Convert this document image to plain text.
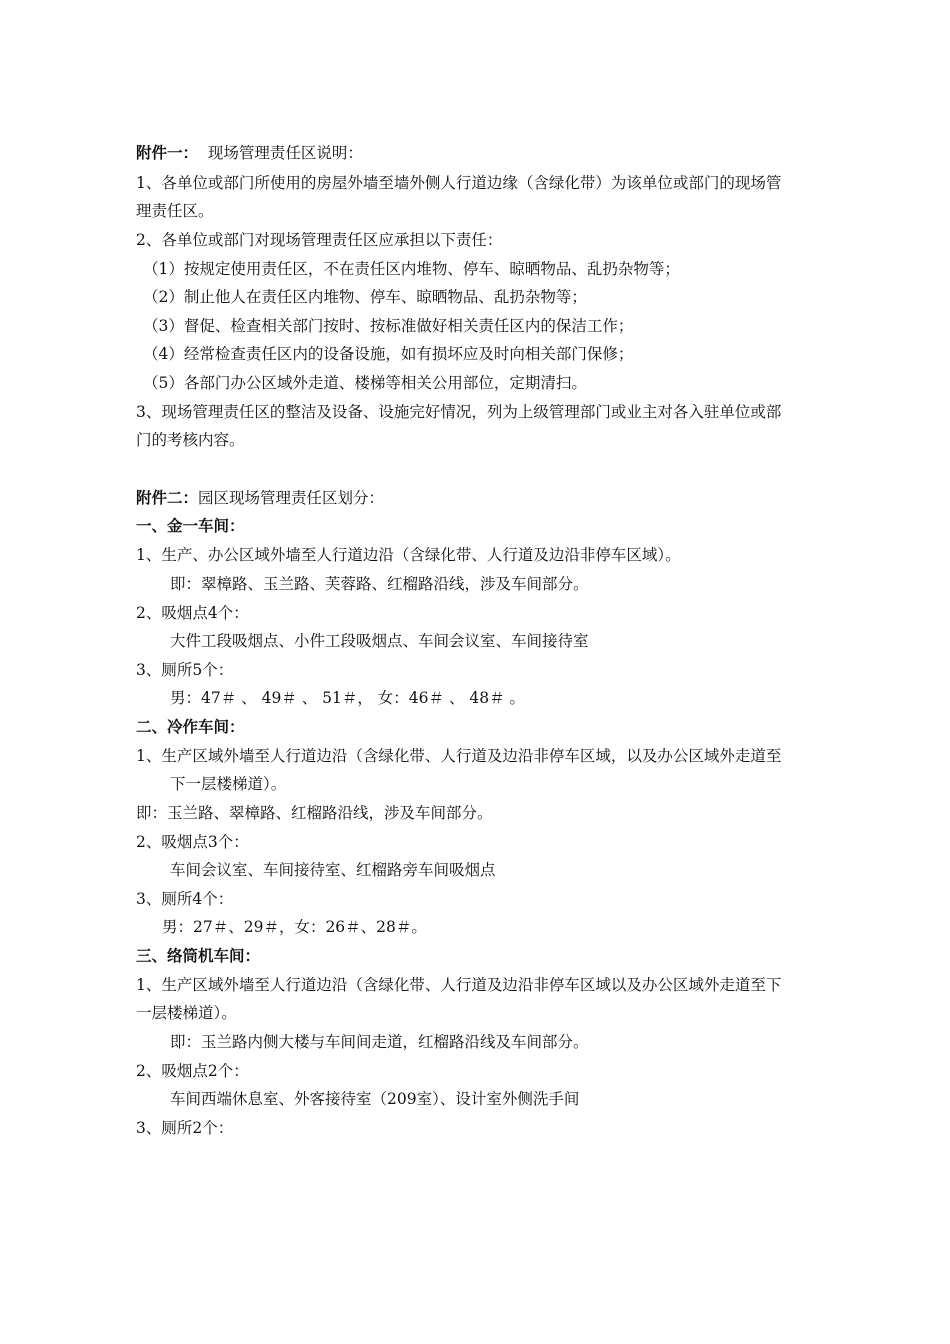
附件一： 现场管理责任区说明：
1、各单位或部门所使用的房屋外墙至墙外侧人行道边缘（含绿化带）为该单位或部门的现场管
理责任区。
2、各单位或部门对现场管理责任区应承担以下责任：
（1）按规定使用责任区，不在责任区内堆物、停车、晾晒物品、乱扔杂物等；
（2）制止他人在责任区内堆物、停车、晾晒物品、乱扔杂物等；
（3）督促、检查相关部门按时、按标准做好相关责任区内的保洁工作；
（4）经常检查责任区内的设备设施，如有损坏应及时向相关部门保修；
（5）各部门办公区域外走道、楼梯等相关公用部位，定期清扫。
3、现场管理责任区的整洁及设备、设施完好情况，列为上级管理部门或业主对各入驻单位或部
门的考核内容。
附件二：园区现场管理责任区划分：
一、金一车间：
1、生产、办公区域外墙至人行道边沿（含绿化带、人行道及边沿非停车区域）。
即：翠樟路、玉兰路、芙蓉路、红榴路沿线，涉及车间部分。
2、吸烟点4个：
大件工段吸烟点、小件工段吸烟点、车间会议室、车间接待室
3、厕所5个：
男：47＃ 、 49＃ 、 51＃， 女：46＃ 、 48＃ 。
二、冷作车间：
1、生产区域外墙至人行道边沿（含绿化带、人行道及边沿非停车区域，以及办公区域外走道至
下一层楼梯道）。
即：玉兰路、翠樟路、红榴路沿线，涉及车间部分。
2、吸烟点3个：
车间会议室、车间接待室、红榴路旁车间吸烟点
3、厕所4个：
男：27＃、29＃，女：26＃、28＃。
三、络筒机车间：
1、生产区域外墙至人行道边沿（含绿化带、人行道及边沿非停车区域以及办公区域外走道至下
一层楼梯道）。
即：玉兰路内侧大楼与车间间走道，红榴路沿线及车间部分。
2、吸烟点2个：
车间西端休息室、外客接待室（209室）、设计室外侧洗手间
3、厕所2个：
